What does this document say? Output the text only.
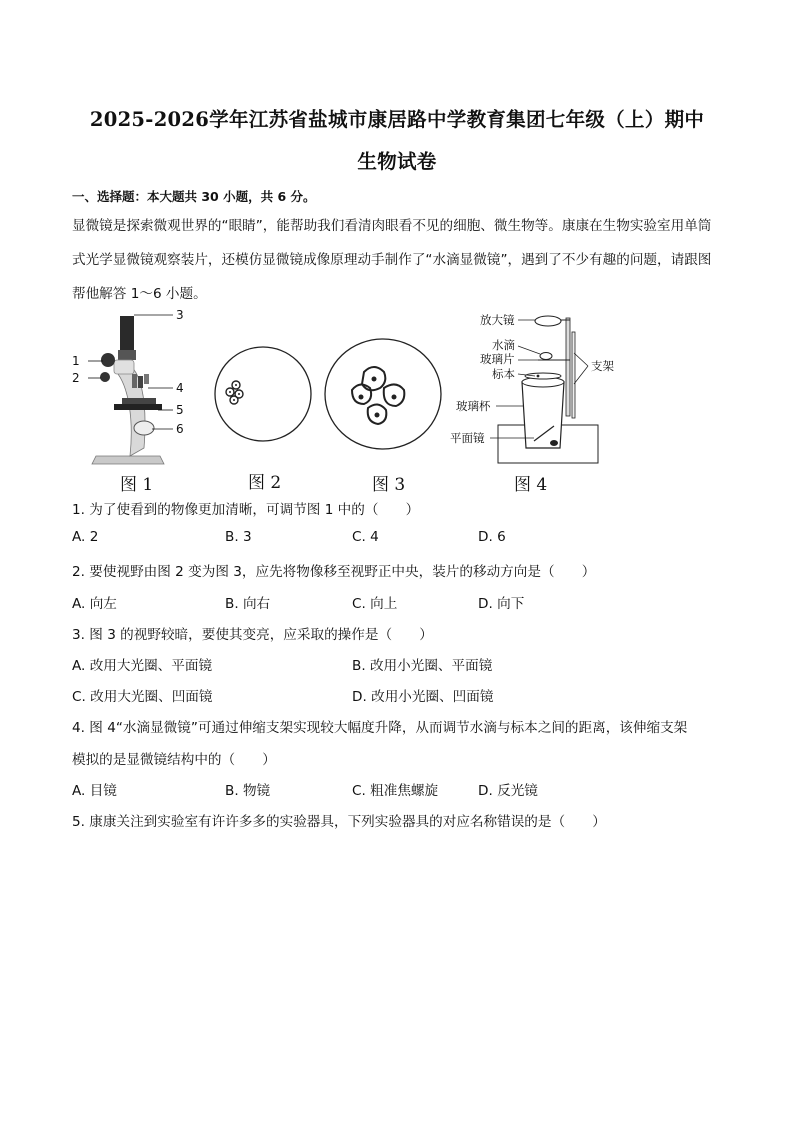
2025-2026学年江苏省盐城市康居路中学教育集团七年级（上）期中
生物试卷
一、选择题：本大题共 30 小题，共 6 分。
显微镜是探索微观世界的“眼睛”，能帮助我们看清肉眼看不见的细胞、微生物等。康康在生物实验室用单筒式光学显微镜观察装片，还模仿显微镜成像原理动手制作了“水滴显微镜”，遇到了不少有趣的问题，请跟图帮他解答 1～6 小题。
3
1
2
4
5
6
放大镜
水滴
玻璃片
标本
支架
玻璃杯
平面镜
图 1	图 2	图 3	图 4
1. 为了使看到的物像更加清晰，可调节图 1 中的（　　）
A. 2	B. 3	C. 4	D. 6
2. 要使视野由图 2 变为图 3，应先将物像移至视野正中央，装片的移动方向是（　　）
A. 向左	B. 向右	C. 向上	D. 向下
3. 图 3 的视野较暗，要使其变亮，应采取的操作是（　　）
A. 改用大光圈、平面镜	B. 改用小光圈、平面镜
C. 改用大光圈、凹面镜	D. 改用小光圈、凹面镜
4. 图 4“水滴显微镜”可通过伸缩支架实现较大幅度升降，从而调节水滴与标本之间的距离，该伸缩支架
模拟的是显微镜结构中的（　　）
A. 目镜	B. 物镜	C. 粗准焦螺旋	D. 反光镜
5. 康康关注到实验室有许许多多的实验器具，下列实验器具的对应名称错误的是（　　）
